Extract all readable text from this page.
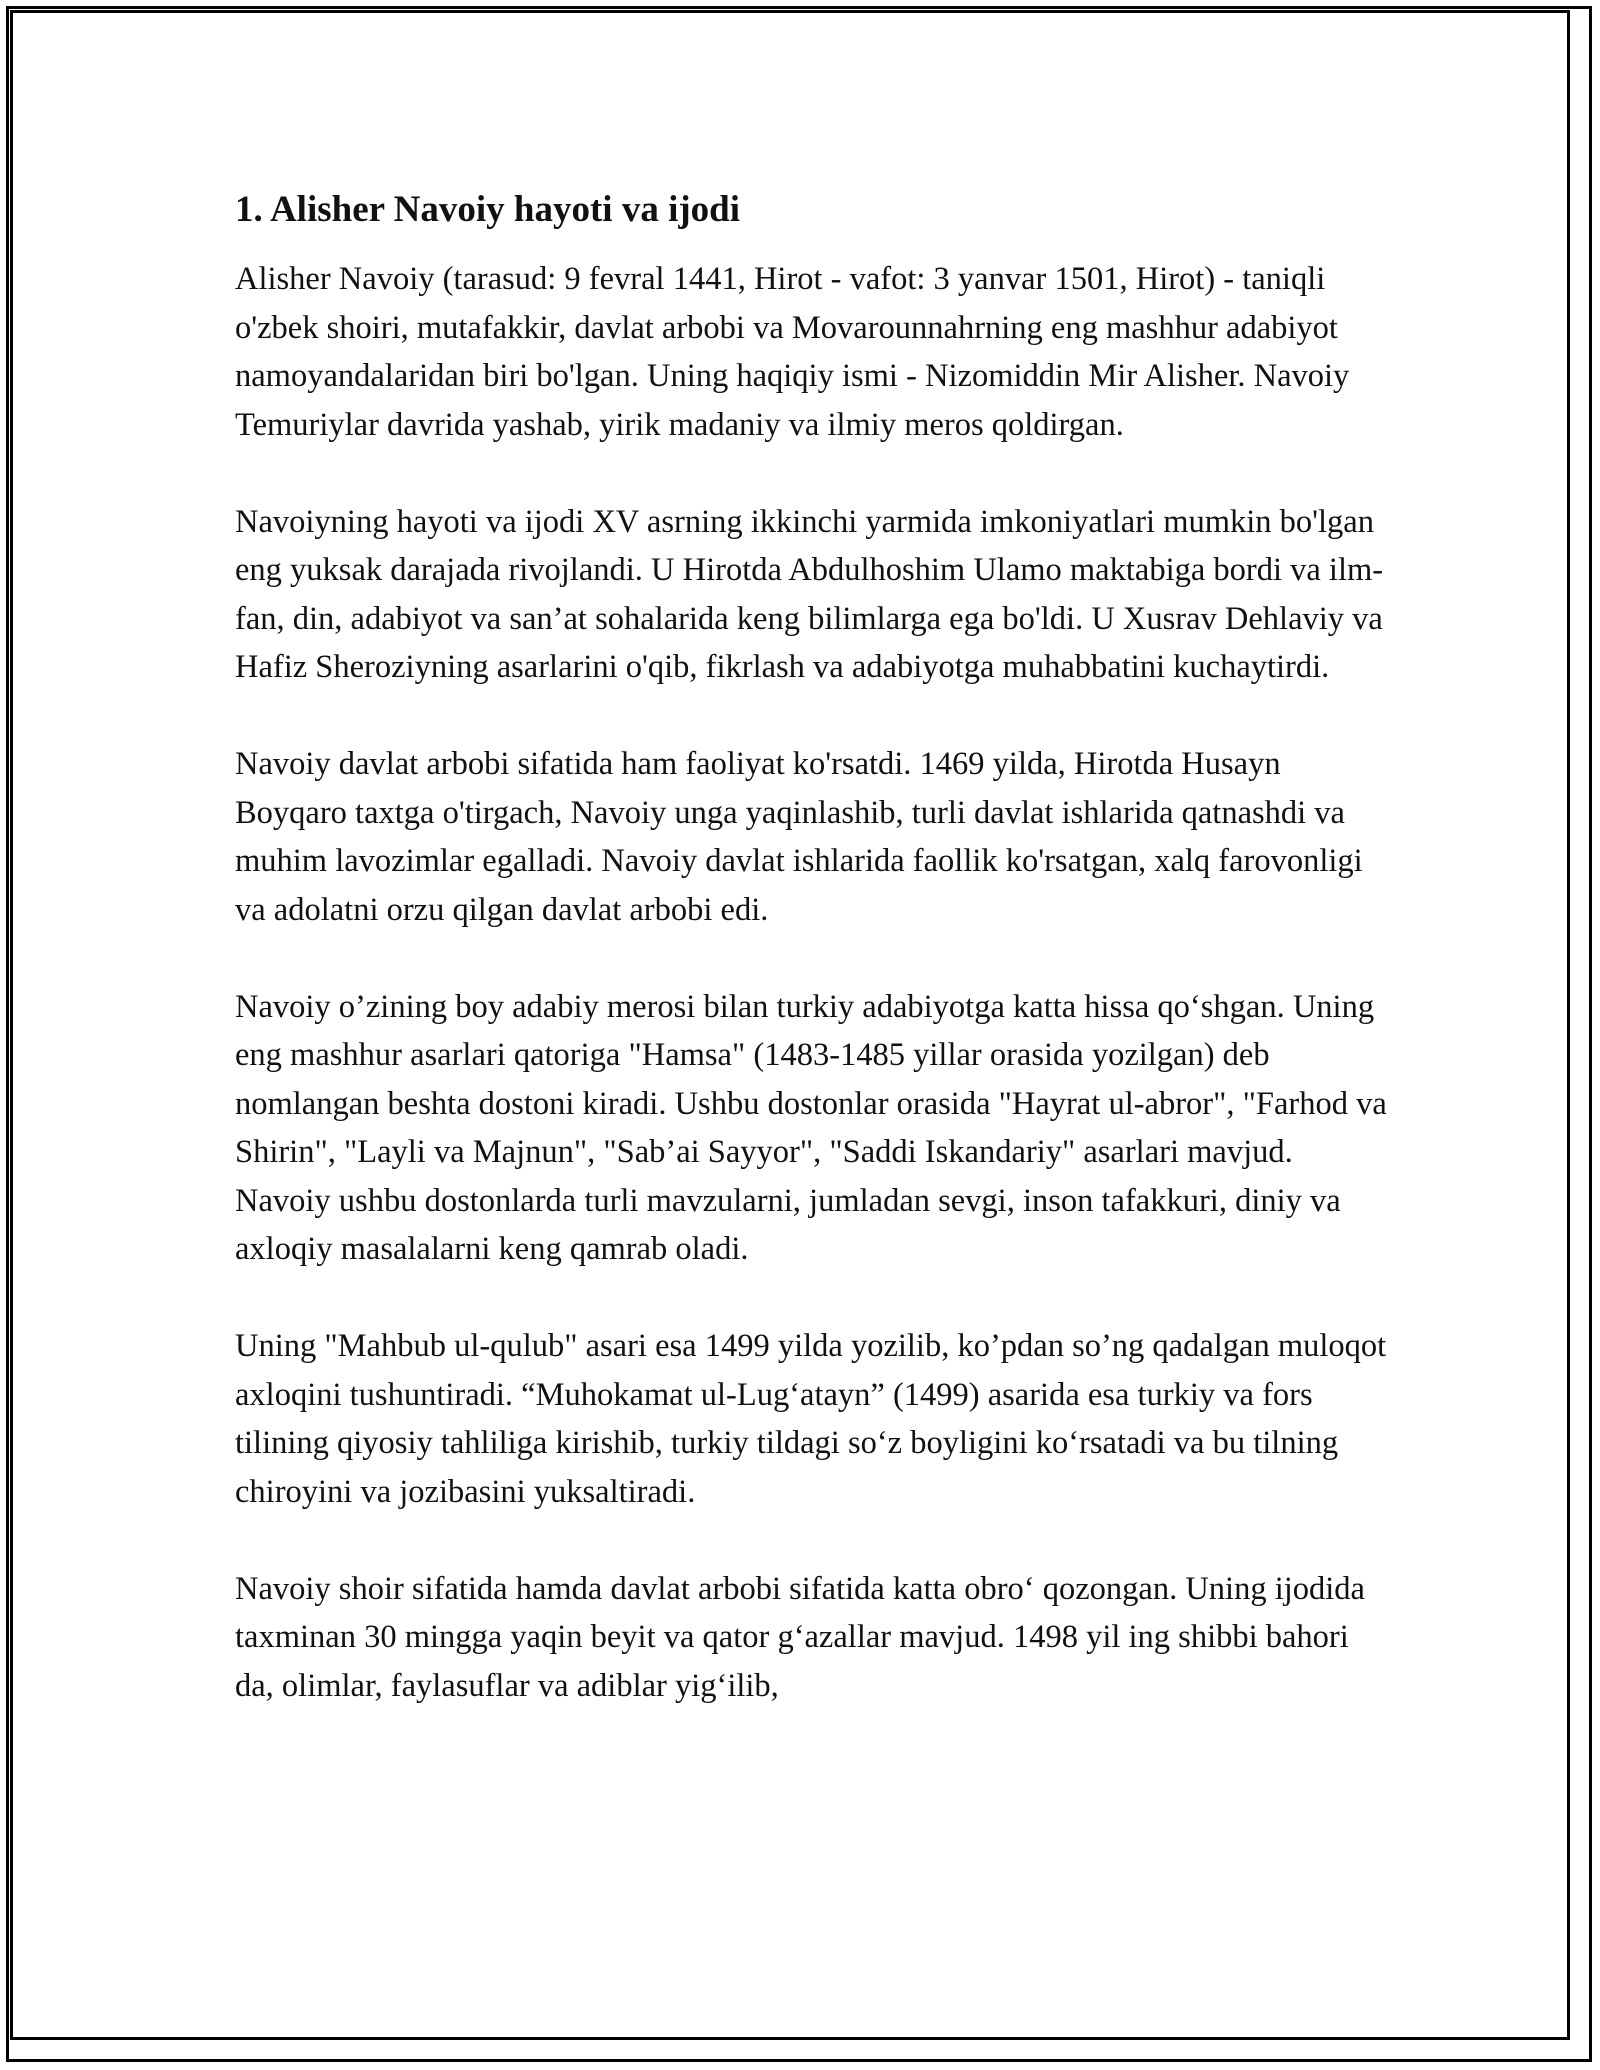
1. Alisher Navoiy hayoti va ijodi

Alisher Navoiy (tarasud: 9 fevral 1441, Hirot - vafot: 3 yanvar 1501, Hirot) - taniqli o'zbek shoiri, mutafakkir, davlat arbobi va Movarounnahrning eng mashhur adabiyot namoyandalaridan biri bo'lgan. Uning haqiqiy ismi - Nizomiddin Mir Alisher. Navoiy Temuriylar davrida yashab, yirik madaniy va ilmiy meros qoldirgan.

Navoiyning hayoti va ijodi XV asrning ikkinchi yarmida imkoniyatlari mumkin bo'lgan eng yuksak darajada rivojlandi. U Hirotda Abdulhoshim Ulamo maktabiga bordi va ilm-fan, din, adabiyot va san’at sohalarida keng bilimlarga ega bo'ldi. U Xusrav Dehlaviy va Hafiz Sheroziyning asarlarini o'qib, fikrlash va adabiyotga muhabbatini kuchaytirdi.

Navoiy davlat arbobi sifatida ham faoliyat ko'rsatdi. 1469 yilda, Hirotda Husayn Boyqaro taxtga o'tirgach, Navoiy unga yaqinlashib, turli davlat ishlarida qatnashdi va muhim lavozimlar egalladi. Navoiy davlat ishlarida faollik ko'rsatgan, xalq farovonligi va adolatni orzu qilgan davlat arbobi edi.

Navoiy o’zining boy adabiy merosi bilan turkiy adabiyotga katta hissa qo‘shgan. Uning eng mashhur asarlari qatoriga "Hamsa" (1483-1485 yillar orasida yozilgan) deb nomlangan beshta dostoni kiradi. Ushbu dostonlar orasida "Hayrat ul-abror", "Farhod va Shirin", "Layli va Majnun", "Sab’ai Sayyor", "Saddi Iskandariy" asarlari mavjud. Navoiy ushbu dostonlarda turli mavzularni, jumladan sevgi, inson tafakkuri, diniy va axloqiy masalalarni keng qamrab oladi.

Uning "Mahbub ul-qulub" asari esa 1499 yilda yozilib, ko’pdan so’ng qadalgan muloqot axloqini tushuntiradi. “Muhokamat ul-Lug‘atayn” (1499) asarida esa turkiy va fors tilining qiyosiy tahliliga kirishib, turkiy tildagi so‘z boyligini ko‘rsatadi va bu tilning chiroyini va jozibasini yuksaltiradi.

Navoiy shoir sifatida hamda davlat arbobi sifatida katta obro‘ qozongan. Uning ijodida taxminan 30 mingga yaqin beyit va qator g‘azallar mavjud. 1498 yil ing shibbi bahori da, olimlar, faylasuflar va adiblar yig‘ilib,
